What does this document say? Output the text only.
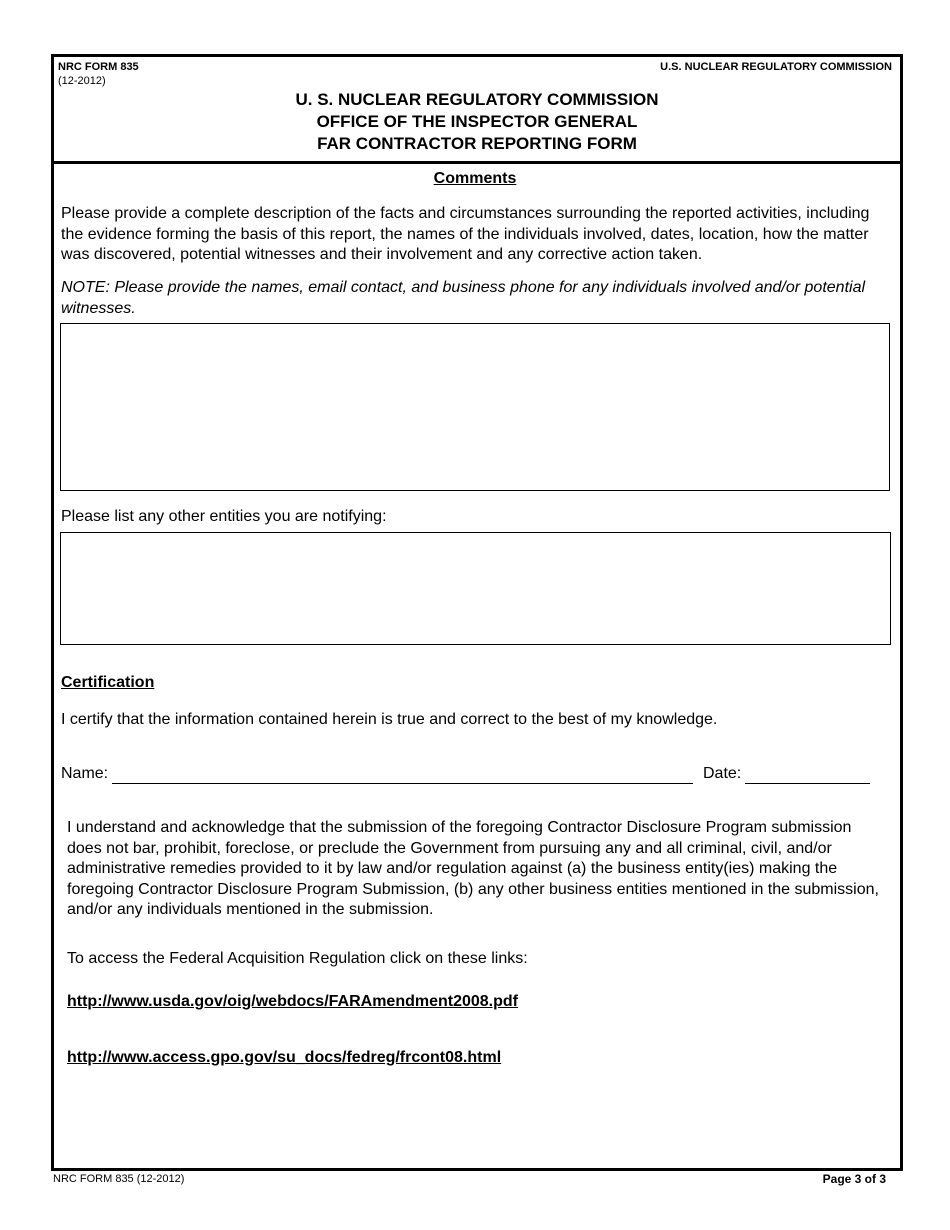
NRC FORM 835
(12-2012)
U.S. NUCLEAR REGULATORY COMMISSION
U. S. NUCLEAR REGULATORY COMMISSION
OFFICE OF THE INSPECTOR GENERAL
FAR CONTRACTOR REPORTING FORM
Comments
Please provide a complete description of the facts and circumstances surrounding the reported activities, including the evidence forming the basis of this report, the names of the individuals involved, dates, location, how the matter was discovered, potential witnesses and their involvement and any corrective action taken.
NOTE: Please provide the names, email contact, and business phone for any individuals involved and/or potential witnesses.
Please list any other entities you are notifying:
Certification
I certify that the information contained herein is true and correct to the best of my knowledge.
Name:	Date:
I understand and acknowledge that the submission of the foregoing Contractor Disclosure Program submission does not bar, prohibit, foreclose, or preclude the Government from pursuing any and all criminal, civil, and/or administrative remedies provided to it by law and/or regulation against (a) the business entity(ies) making the foregoing Contractor Disclosure Program Submission, (b) any other business entities mentioned in the submission, and/or any individuals mentioned in the submission.
To access the Federal Acquisition Regulation click on these links:
http://www.usda.gov/oig/webdocs/FARAmendment2008.pdf
http://www.access.gpo.gov/su_docs/fedreg/frcont08.html
NRC FORM 835 (12-2012)	Page 3 of 3
